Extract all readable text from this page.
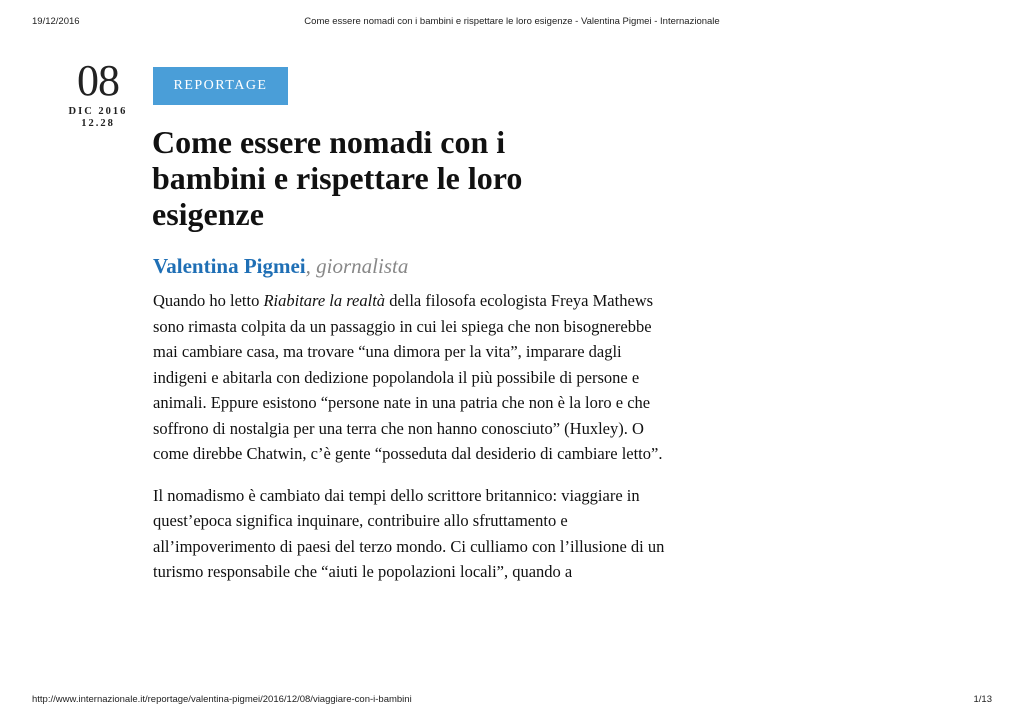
19/12/2016	Come essere nomadi con i bambini e rispettare le loro esigenze - Valentina Pigmei - Internazionale
08
DIC 2016
12.28
REPORTAGE
Come essere nomadi con i bambini e rispettare le loro esigenze
Valentina Pigmei, giornalista

Quando ho letto Riabitare la realtà della filosofa ecologista Freya Mathews sono rimasta colpita da un passaggio in cui lei spiega che non bisognerebbe mai cambiare casa, ma trovare “una dimora per la vita”, imparare dagli indigeni e abitarla con dedizione popolandola il più possibile di persone e animali. Eppure esistono “persone nate in una patria che non è la loro e che soffrono di nostalgia per una terra che non hanno conosciuto” (Huxley). O come direbbe Chatwin, c’è gente “posseduta dal desiderio di cambiare letto”.

Il nomadismo è cambiato dai tempi dello scrittore britannico: viaggiare in quest’epoca significa inquinare, contribuire allo sfruttamento e all’impoverimento di paesi del terzo mondo. Ci culliamo con l’illusione di un turismo responsabile che “aiuti le popolazioni locali”, quando a

http://www.internazionale.it/reportage/valentina-pigmei/2016/12/08/viaggiare-con-i-bambini	1/13
